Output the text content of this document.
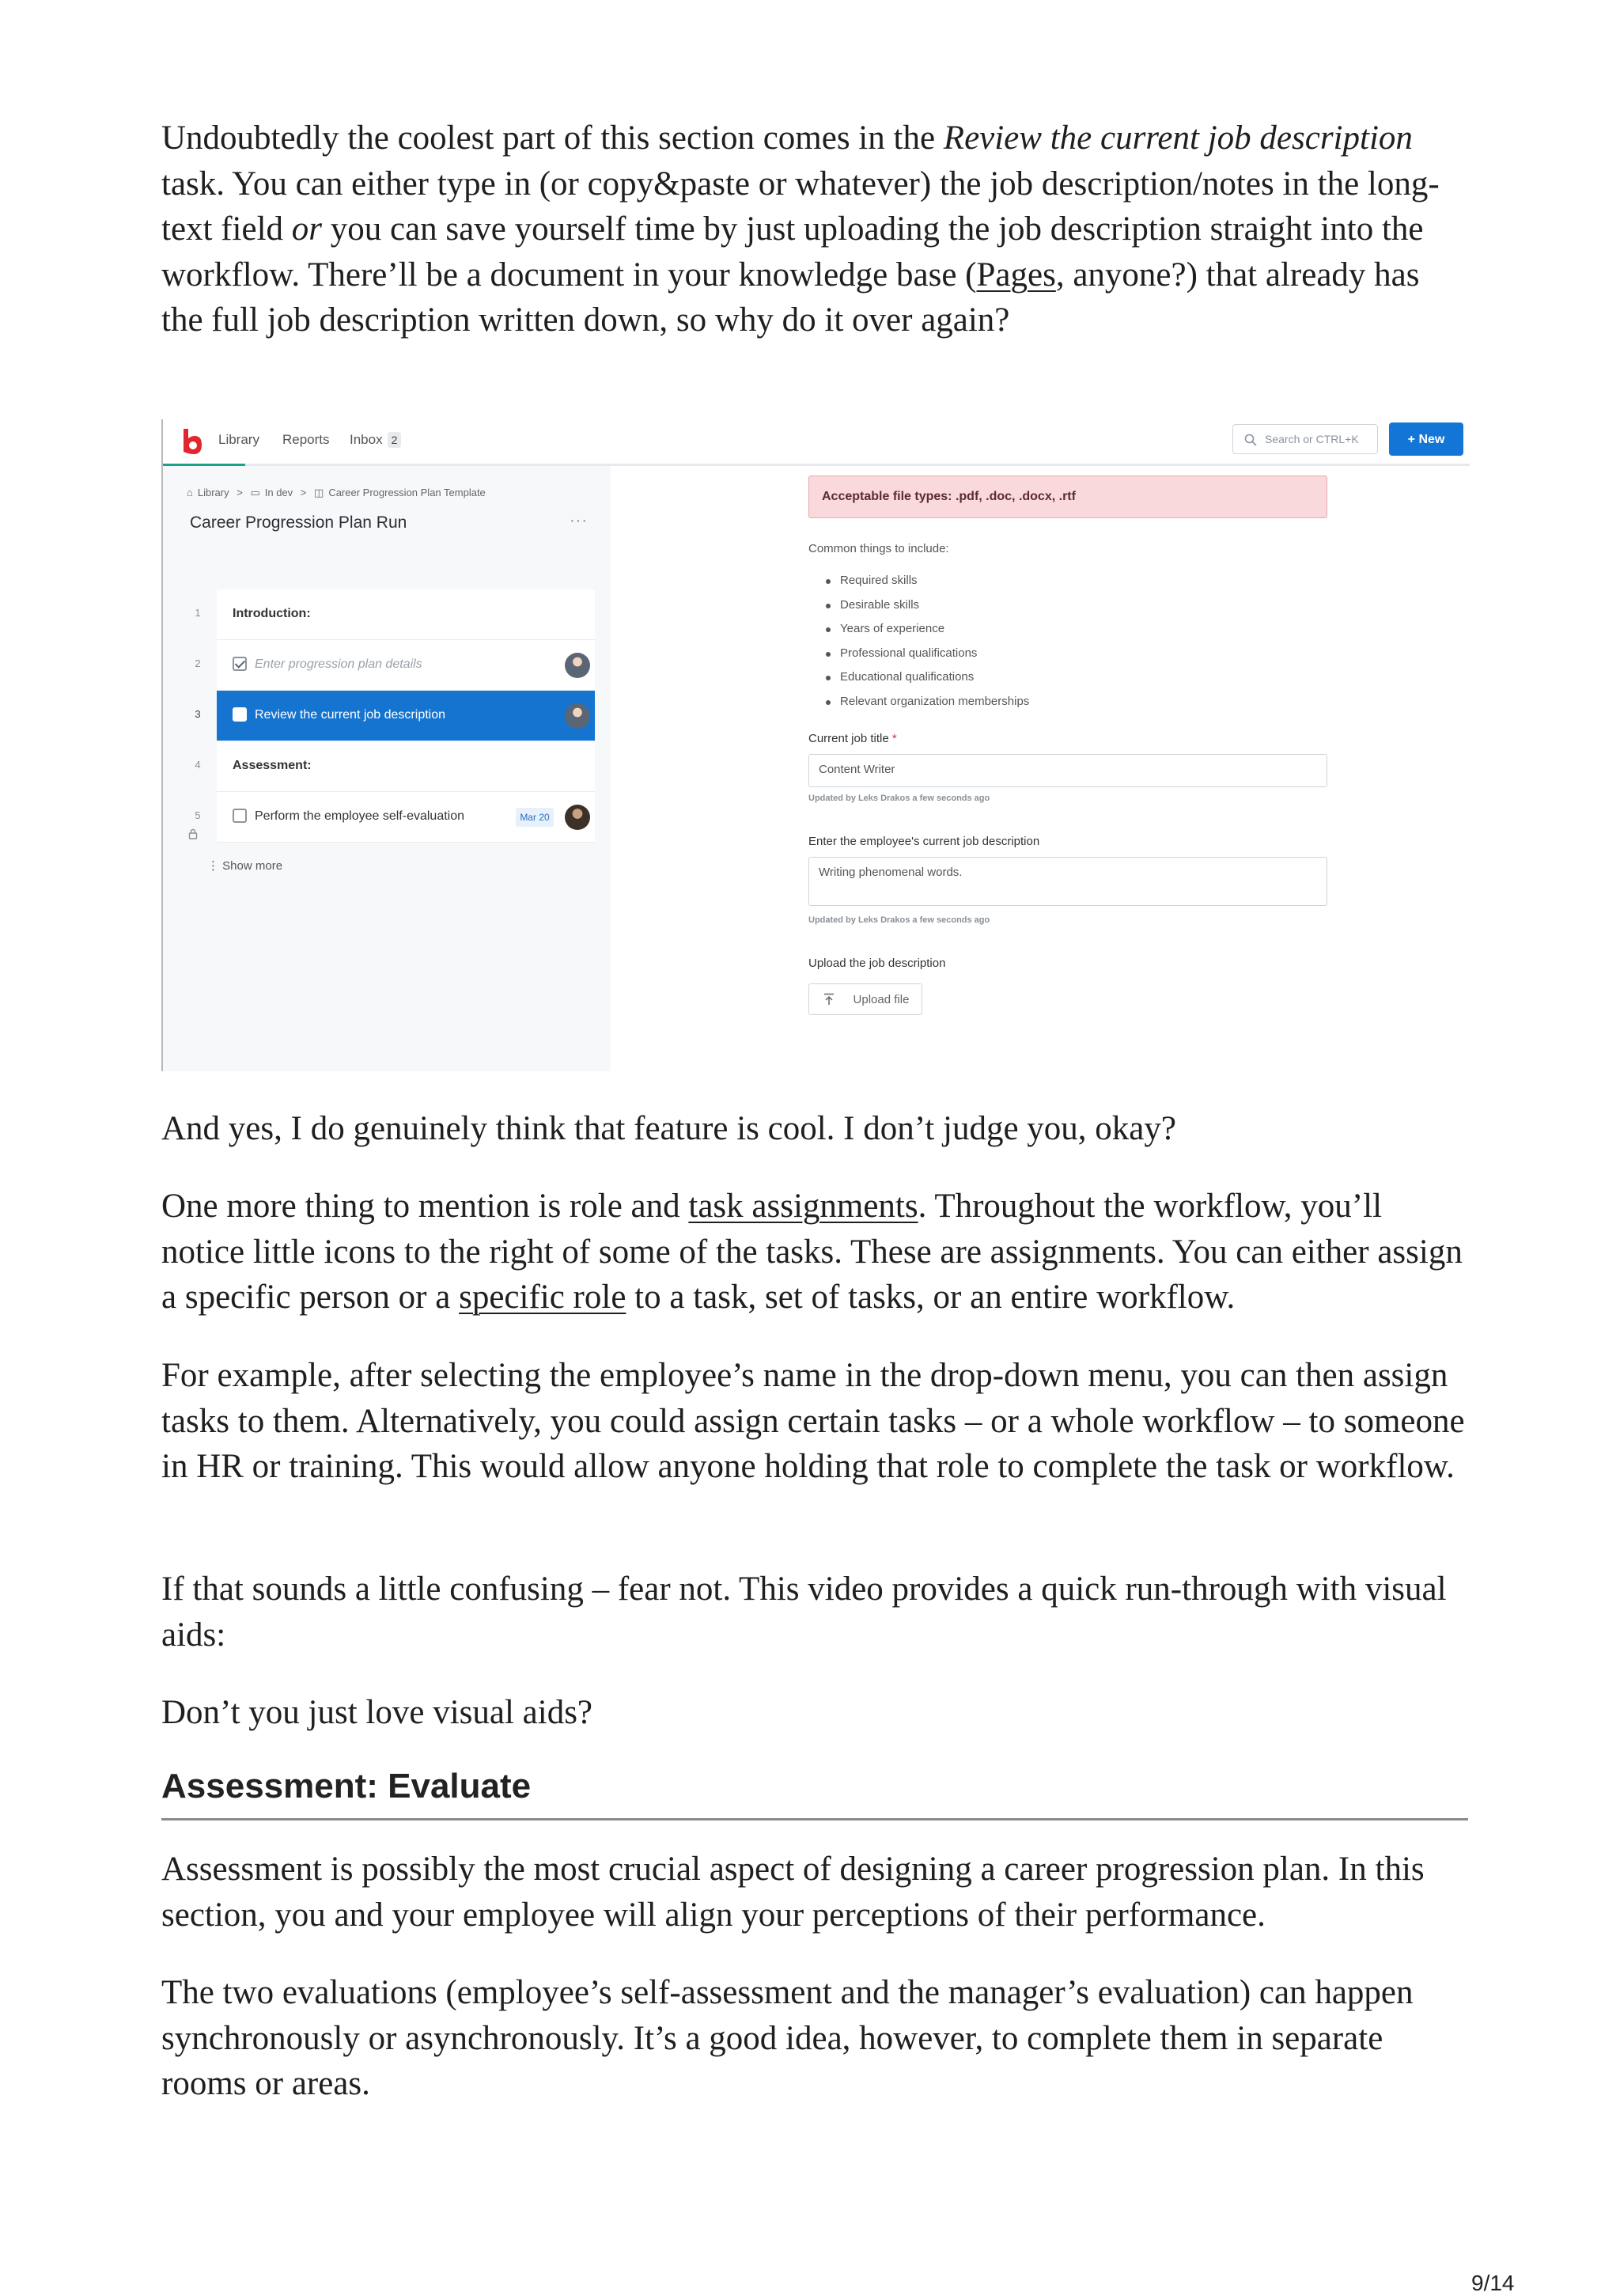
Undoubtedly the coolest part of this section comes in the Review the current job description task. You can either type in (or copy&paste or whatever) the job description/notes in the long-text field or you can save yourself time by just uploading the job description straight into the workflow. There’ll be a document in your knowledge base (Pages, anyone?) that already has the full job description written down, so why do it over again?

And yes, I do genuinely think that feature is cool. I don’t judge you, okay?

One more thing to mention is role and task assignments. Throughout the workflow, you’ll notice little icons to the right of some of the tasks. These are assignments. You can either assign a specific person or a specific role to a task, set of tasks, or an entire workflow.

For example, after selecting the employee’s name in the drop-down menu, you can then assign tasks to them. Alternatively, you could assign certain tasks – or a whole workflow – to someone in HR or training. This would allow anyone holding that role to complete the task or workflow.

If that sounds a little confusing – fear not. This video provides a quick run-through with visual aids:

Don’t you just love visual aids?

Assessment: Evaluate

Assessment is possibly the most crucial aspect of designing a career progression plan. In this section, you and your employee will align your perceptions of their performance.

The two evaluations (employee’s self-assessment and the manager’s evaluation) can happen synchronously or asynchronously. It’s a good idea, however, to complete them in separate rooms or areas.

Library Reports Inbox 2	Search or CTRL+K	+ New
⌂ Library > ▭ In dev > ◫ Career Progression Plan Template
Career Progression Plan Run	···
1	Introduction:
2	Enter progression plan details
3	Review the current job description
4	Assessment:
5	Perform the employee self-evaluation	Mar 20
⋮ Show more
Acceptable file types: .pdf, .doc, .docx, .rtf
Common things to include:
Required skills
Desirable skills
Years of experience
Professional qualifications
Educational qualifications
Relevant organization memberships
Current job title *
Content Writer
Updated by Leks Drakos a few seconds ago
Enter the employee's current job description
Writing phenomenal words.
Updated by Leks Drakos a few seconds ago
Upload the job description
Upload file
9/14
